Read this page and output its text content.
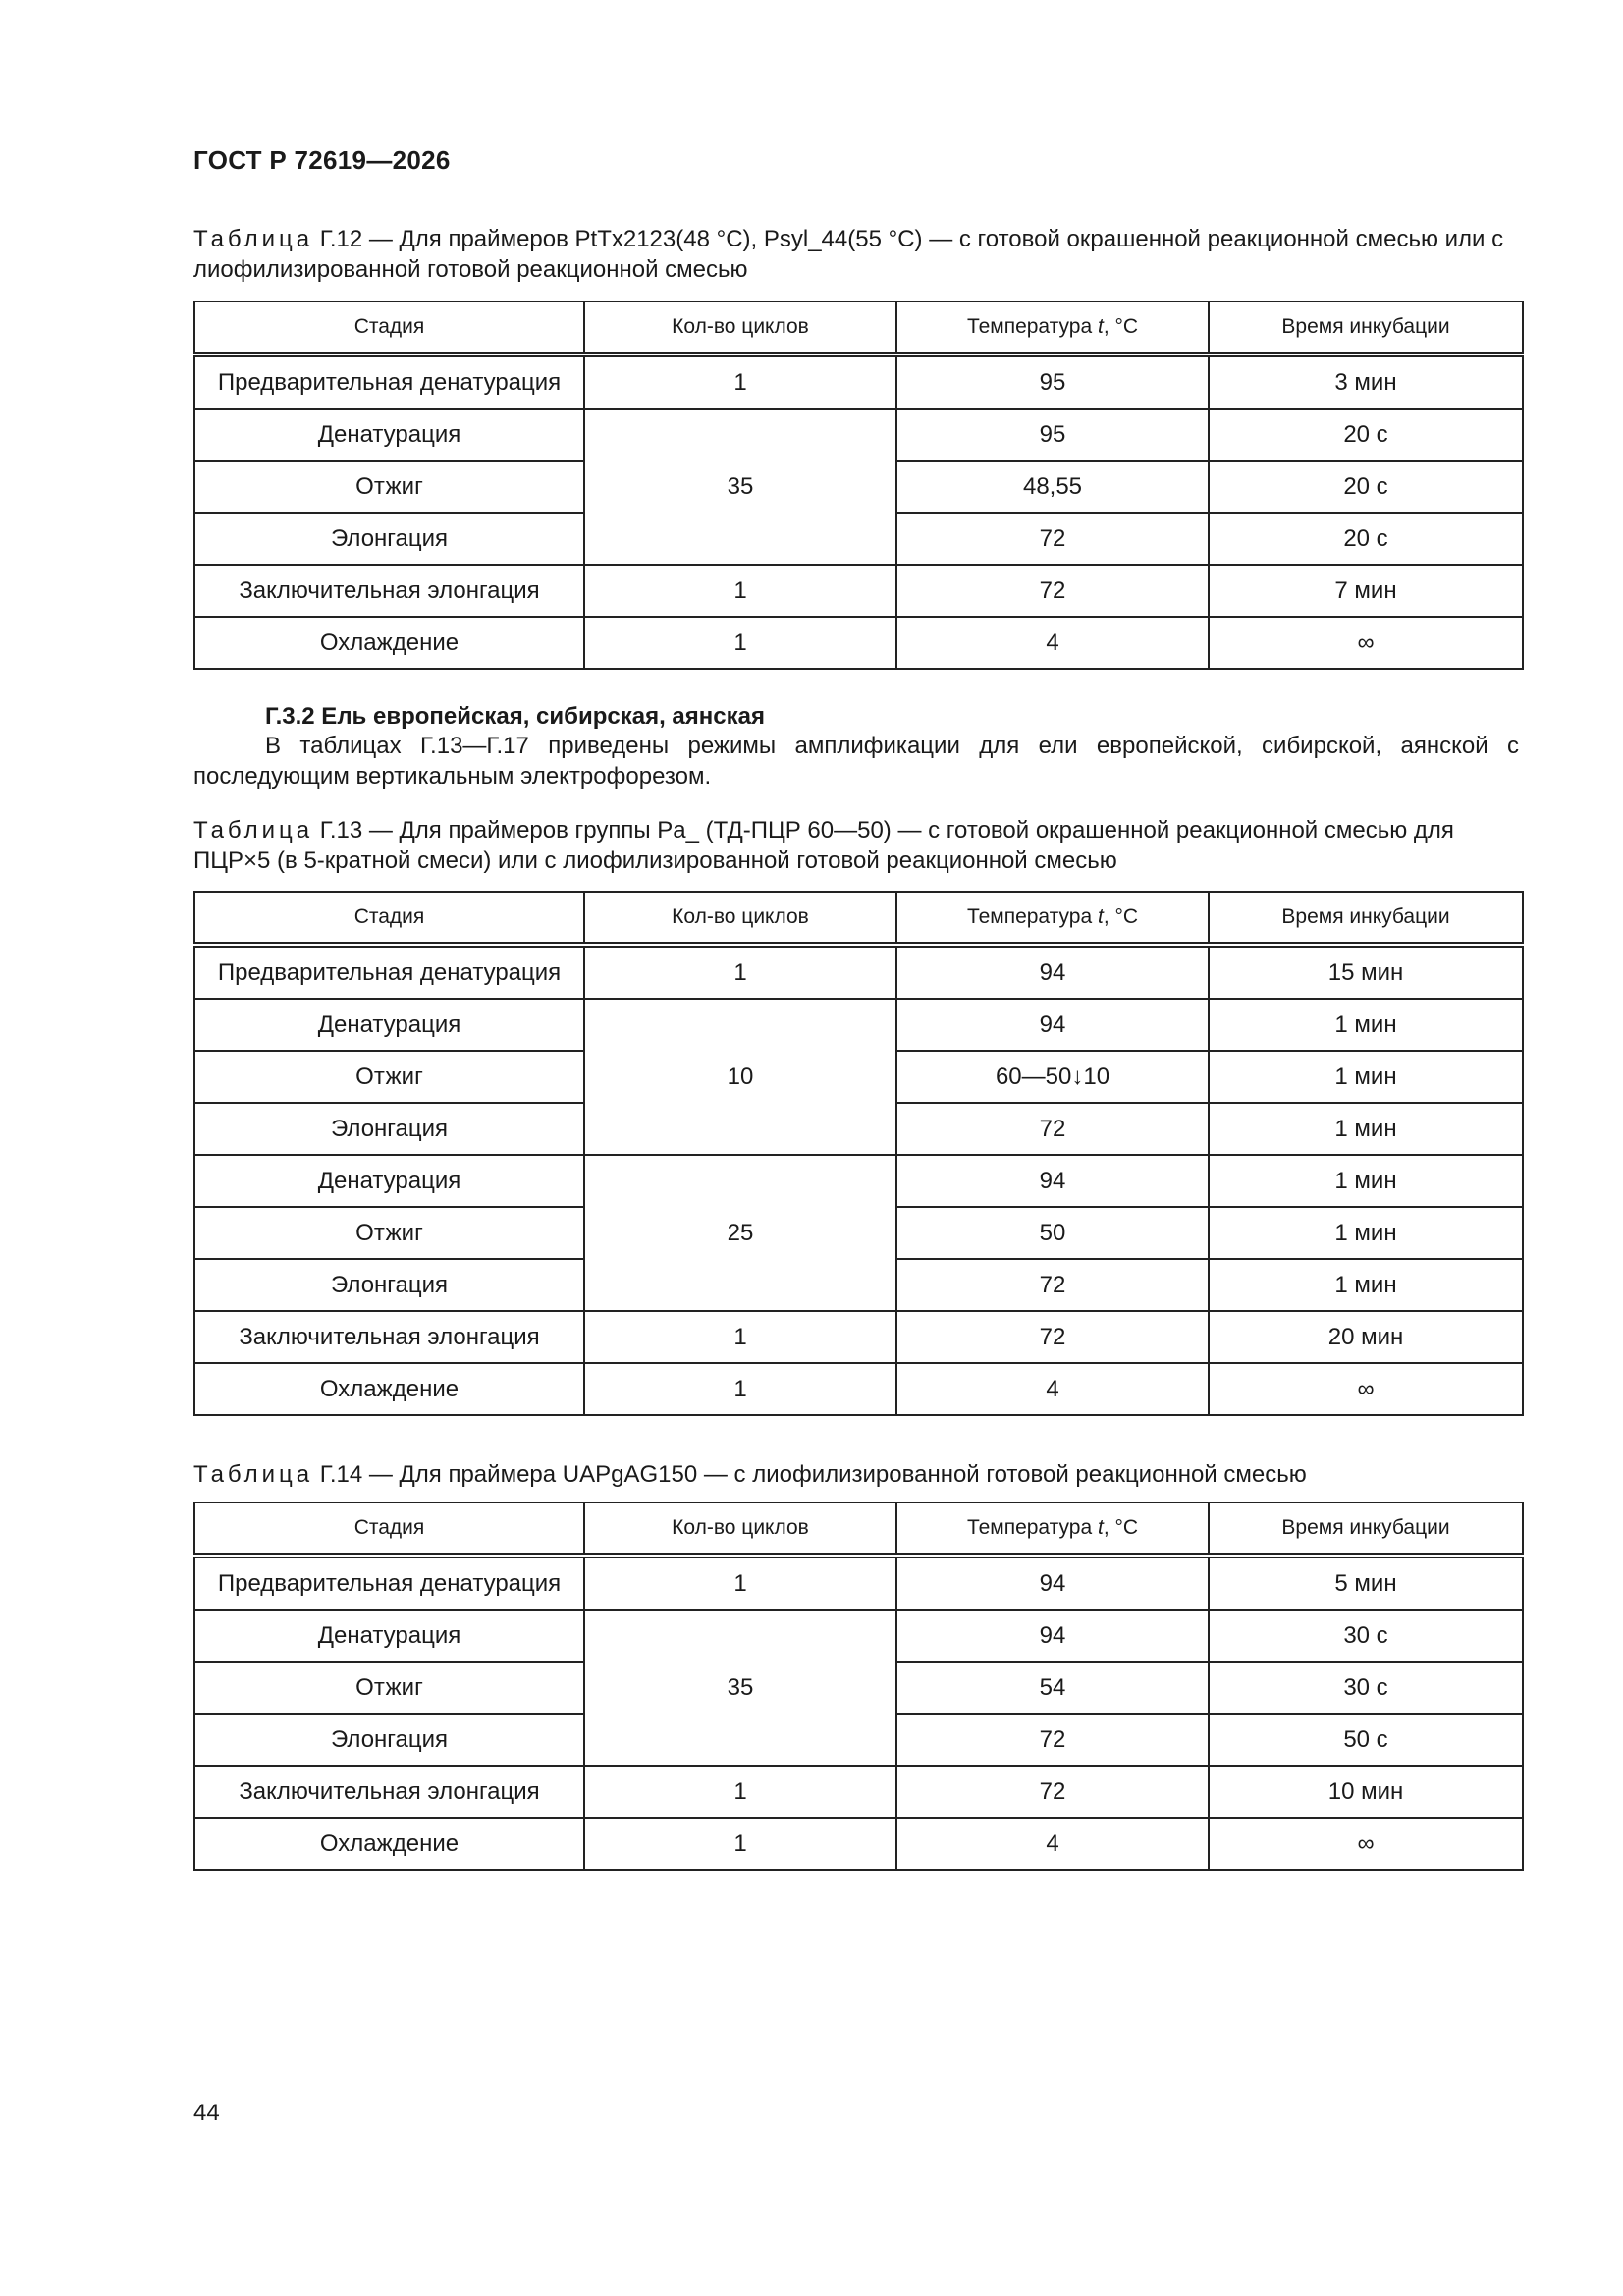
ГОСТ Р 72619—2026
Таблица Г.12 — Для праймеров PtTx2123(48 °С), Psyl_44(55 °С) — с готовой окрашенной реакционной смесью или с лиофилизированной готовой реакционной смесью
Стадия	Кол-во циклов	Температура t, °С	Время инкубации
Предварительная денатурация	1	95	3 мин
Денатурация	35	95	20 с
Отжиг		48,55	20 с
Элонгация		72	20 с
Заключительная элонгация	1	72	7 мин
Охлаждение	1	4	∞
Г.3.2 Ель европейская, сибирская, аянская
В таблицах Г.13—Г.17 приведены режимы амплификации для ели европейской, сибирской, аянской с последующим вертикальным электрофорезом.
Таблица Г.13 — Для праймеров группы Pa_ (ТД-ПЦР 60—50) — с готовой окрашенной реакционной смесью для ПЦР×5 (в 5-кратной смеси) или с лиофилизированной готовой реакционной смесью
Стадия	Кол-во циклов	Температура t, °С	Время инкубации
Предварительная денатурация	1	94	15 мин
Денатурация	10	94	1 мин
Отжиг		60—50↓10	1 мин
Элонгация		72	1 мин
Денатурация	25	94	1 мин
Отжиг		50	1 мин
Элонгация		72	1 мин
Заключительная элонгация	1	72	20 мин
Охлаждение	1	4	∞
Таблица Г.14 — Для праймера UAPgAG150 — с лиофилизированной готовой реакционной смесью
Стадия	Кол-во циклов	Температура t, °С	Время инкубации
Предварительная денатурация	1	94	5 мин
Денатурация	35	94	30 с
Отжиг		54	30 с
Элонгация		72	50 с
Заключительная элонгация	1	72	10 мин
Охлаждение	1	4	∞
44
